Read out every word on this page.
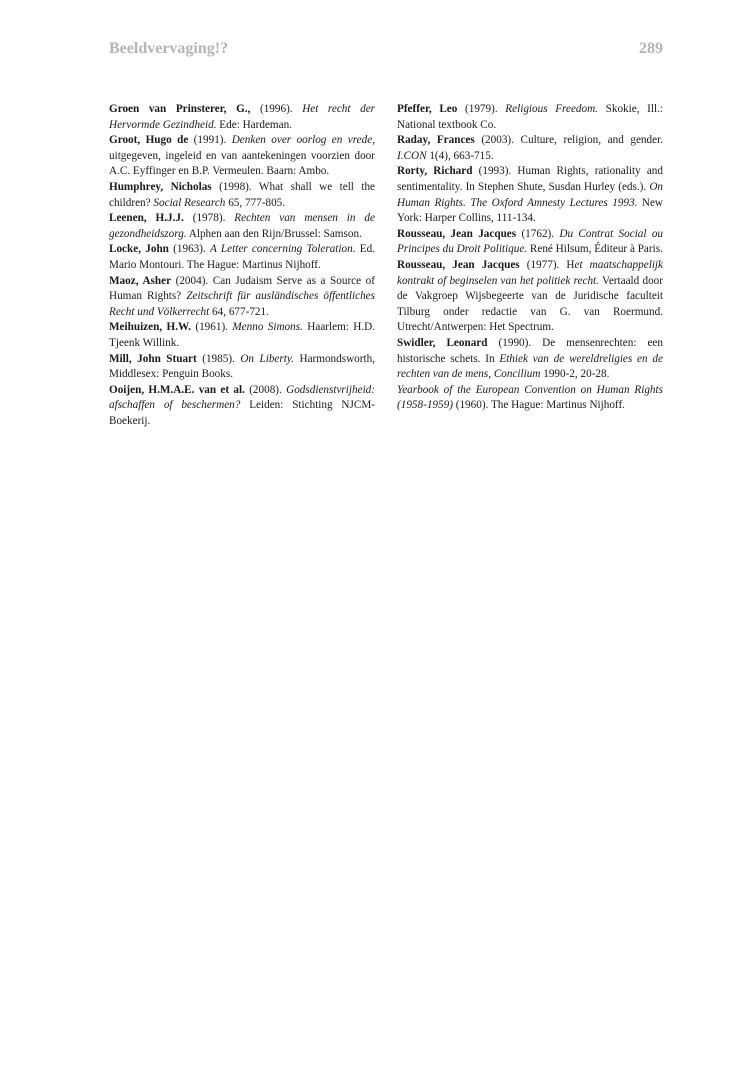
Beeldvervaging!?	289

Groen van Prinsterer, G., (1996). Het recht der Hervormde Gezindheid. Ede: Hardeman.

Groot, Hugo de (1991). Denken over oorlog en vrede, uitgegeven, ingeleid en van aantekeningen voorzien door A.C. Eyffinger en B.P. Vermeulen. Baarn: Ambo.

Humphrey, Nicholas (1998). What shall we tell the children? Social Research 65, 777-805.

Leenen, H.J.J. (1978). Rechten van mensen in de gezondheidszorg. Alphen aan den Rijn/Brussel: Samson.

Locke, John (1963). A Letter concerning Toleration. Ed. Mario Montouri. The Hague: Martinus Nijhoff.

Maoz, Asher (2004). Can Judaism Serve as a Source of Human Rights? Zeitschrift für ausländisches öffentliches Recht und Völkerrecht 64, 677-721.

Meihuizen, H.W. (1961). Menno Simons. Haarlem: H.D. Tjeenk Willink.

Mill, John Stuart (1985). On Liberty. Harmondsworth, Middlesex: Penguin Books.

Ooijen, H.M.A.E. van et al. (2008). Godsdienstvrijheid: afschaffen of beschermen? Leiden: Stichting NJCM-Boekerij.

Pfeffer, Leo (1979). Religious Freedom. Skokie, Ill.: National textbook Co.

Raday, Frances (2003). Culture, religion, and gender. I.CON 1(4), 663-715.

Rorty, Richard (1993). Human Rights, rationality and sentimentality. In Stephen Shute, Susdan Hurley (eds.). On Human Rights. The Oxford Amnesty Lectures 1993. New York: Harper Collins, 111-134.

Rousseau, Jean Jacques (1762). Du Contrat Social ou Principes du Droit Politique. René Hilsum, Éditeur à Paris.

Rousseau, Jean Jacques (1977). Het maatschappelijk kontrakt of beginselen van het politiek recht. Vertaald door de Vakgroep Wijsbegeerte van de Juridische faculteit Tilburg onder redactie van G. van Roermund. Utrecht/Antwerpen: Het Spectrum.

Swidler, Leonard (1990). De mensenrechten: een historische schets. In Ethiek van de wereldreligies en de rechten van de mens, Concilium 1990-2, 20-28.

Yearbook of the European Convention on Human Rights (1958-1959) (1960). The Hague: Martinus Nijhoff.
